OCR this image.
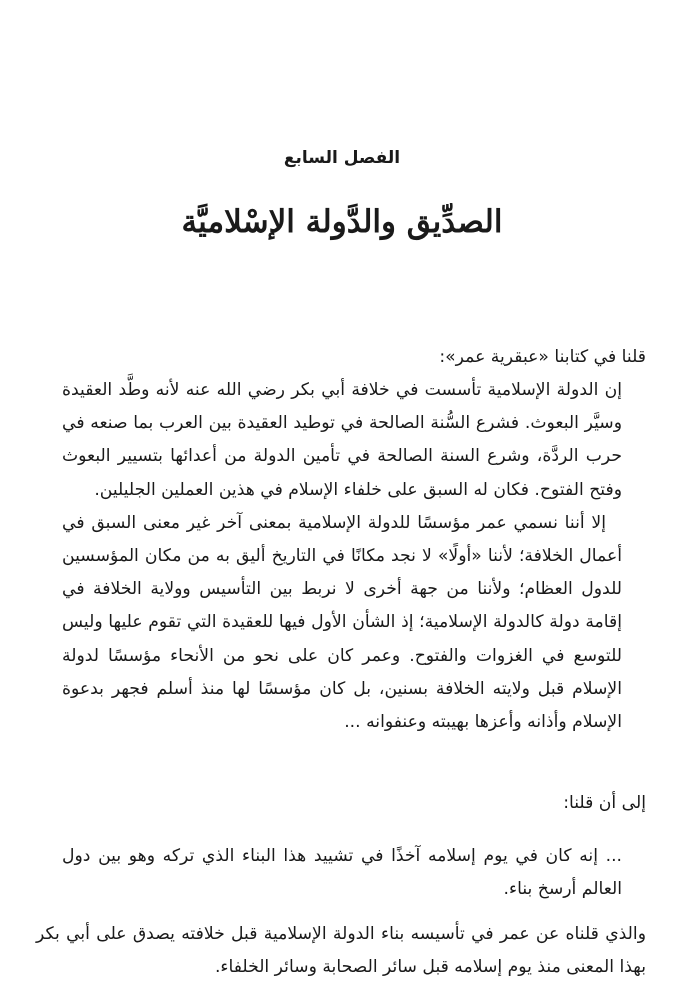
الفصل السابع
الصدِّيق والدَّولة الإسْلاميَّة

قلنا في كتابنا «عبقرية عمر»:

إن الدولة الإسلامية تأسست في خلافة أبي بكر رضي الله عنه لأنه وطَّد العقيدة وسيَّر البعوث. فشرع السُّنة الصالحة في توطيد العقيدة بين العرب بما صنعه في حرب الردَّة، وشرع السنة الصالحة في تأمين الدولة من أعدائها بتسيير البعوث وفتح الفتوح. فكان له السبق على خلفاء الإسلام في هذين العملين الجليلين.

إلا أننا نسمي عمر مؤسسًا للدولة الإسلامية بمعنى آخر غير معنى السبق في أعمال الخلافة؛ لأننا «أولًا» لا نجد مكانًا في التاريخ أليق به من مكان المؤسسين للدول العظام؛ ولأننا من جهة أخرى لا نربط بين التأسيس وولاية الخلافة في إقامة دولة كالدولة الإسلامية؛ إذ الشأن الأول فيها للعقيدة التي تقوم عليها وليس للتوسع في الغزوات والفتوح. وعمر كان على نحو من الأنحاء مؤسسًا لدولة الإسلام قبل ولايته الخلافة بسنين، بل كان مؤسسًا لها منذ أسلم فجهر بدعوة الإسلام وأذانه وأعزها بهيبته وعنفوانه ...

إلى أن قلنا:

... إنه كان في يوم إسلامه آخذًا في تشييد هذا البناء الذي تركه وهو بين دول العالم أرسخ بناء.

والذي قلناه عن عمر في تأسيسه بناء الدولة الإسلامية قبل خلافته يصدق على أبي بكر بهذا المعنى منذ يوم إسلامه قبل سائر الصحابة وسائر الخلفاء.
